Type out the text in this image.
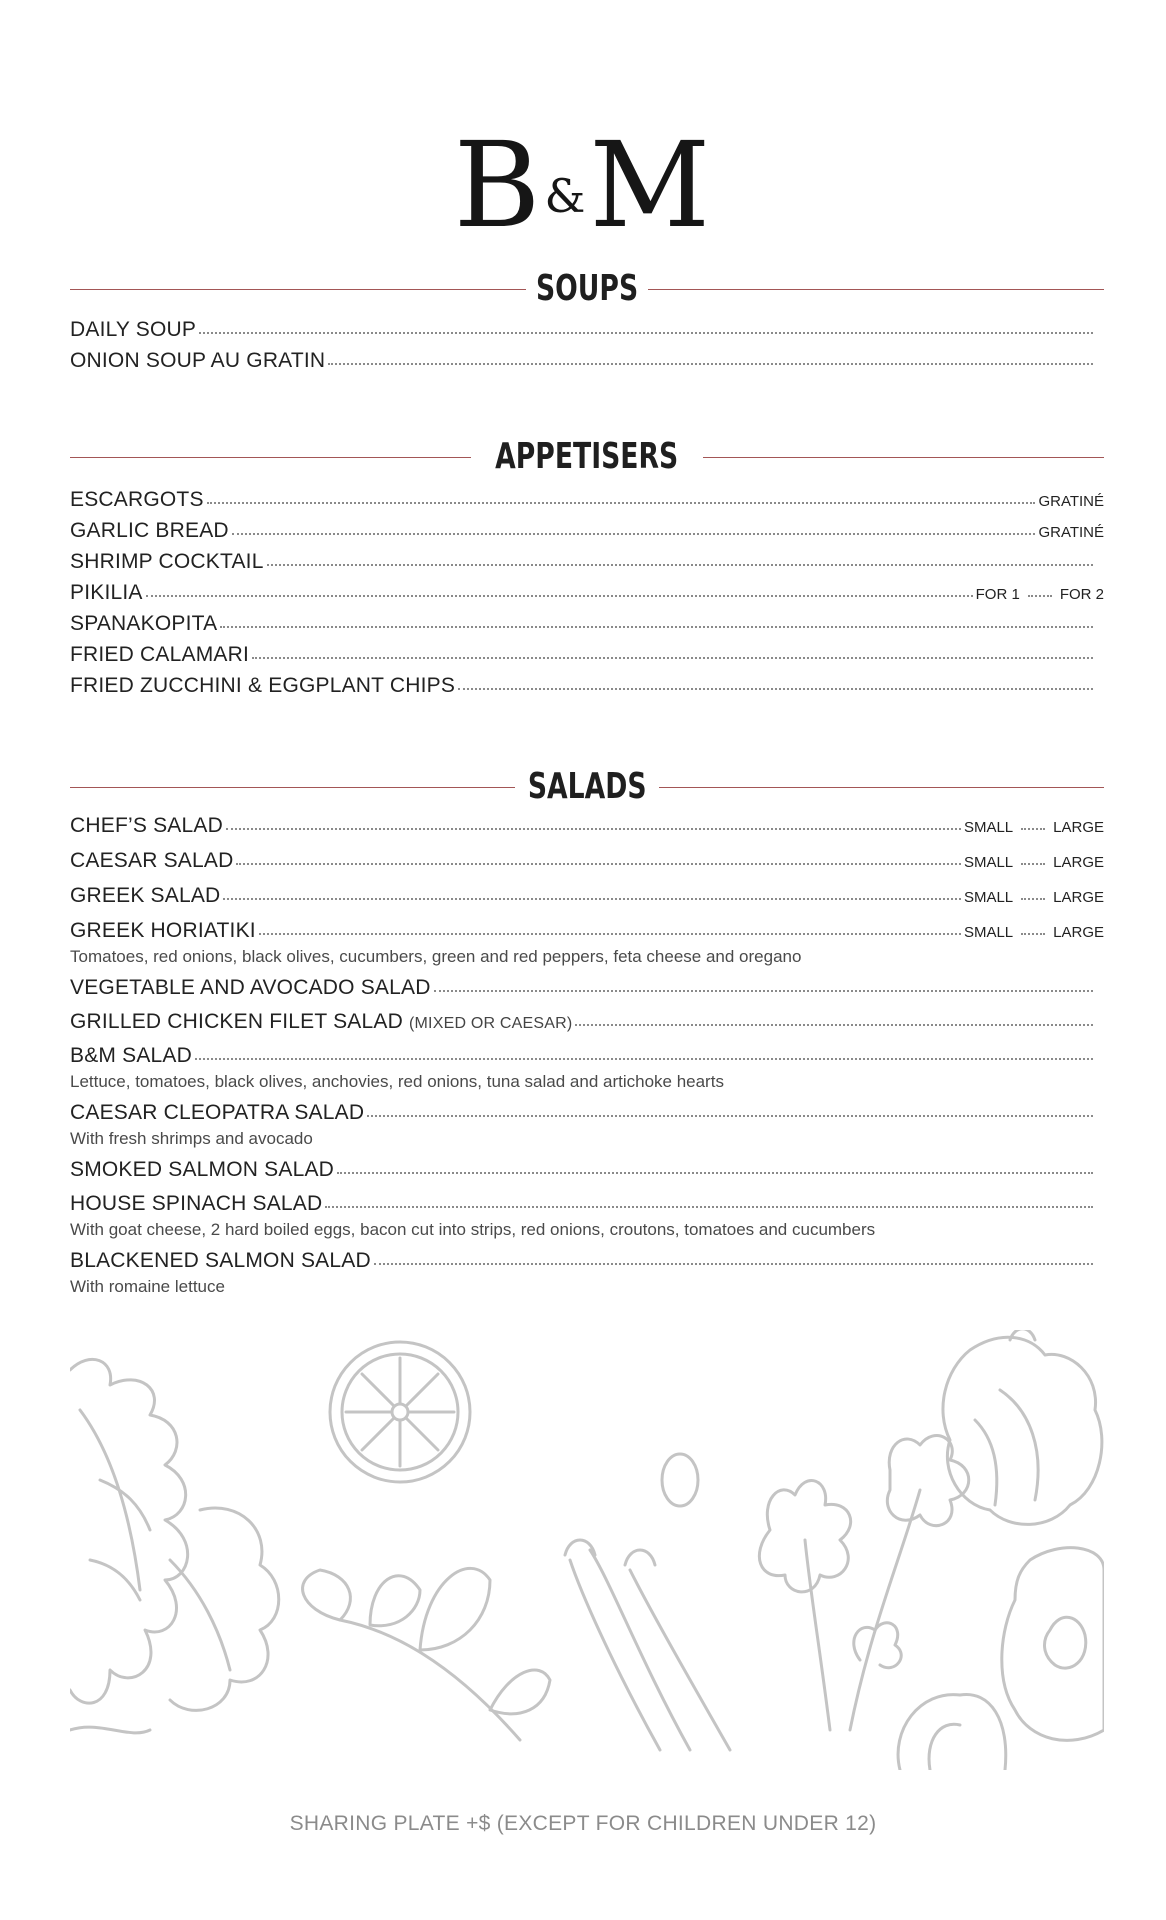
B&M
SOUPS
DAILY SOUP
ONION SOUP AU GRATIN
APPETISERS
ESCARGOTS	GRATINÉ
GARLIC BREAD	GRATINÉ
SHRIMP COCKTAIL
PIKILIA	FOR 1	FOR 2
SPANAKOPITA
FRIED CALAMARI
FRIED ZUCCHINI & EGGPLANT CHIPS
SALADS
CHEF’S SALAD	SMALL	LARGE
CAESAR SALAD	SMALL	LARGE
GREEK SALAD	SMALL	LARGE
GREEK HORIATIKI	SMALL	LARGE
Tomatoes, red onions, black olives, cucumbers, green and red peppers, feta cheese and oregano
VEGETABLE AND AVOCADO SALAD
GRILLED CHICKEN FILET SALAD (MIXED OR CAESAR)
B&M SALAD
Lettuce, tomatoes, black olives, anchovies, red onions, tuna salad and artichoke hearts
CAESAR CLEOPATRA SALAD
With fresh shrimps and avocado
SMOKED SALMON SALAD
HOUSE SPINACH SALAD
With goat cheese, 2 hard boiled eggs, bacon cut into strips, red onions, croutons, tomatoes and cucumbers
BLACKENED SALMON SALAD
With romaine lettuce
SHARING PLATE +$ (EXCEPT FOR CHILDREN UNDER 12)
